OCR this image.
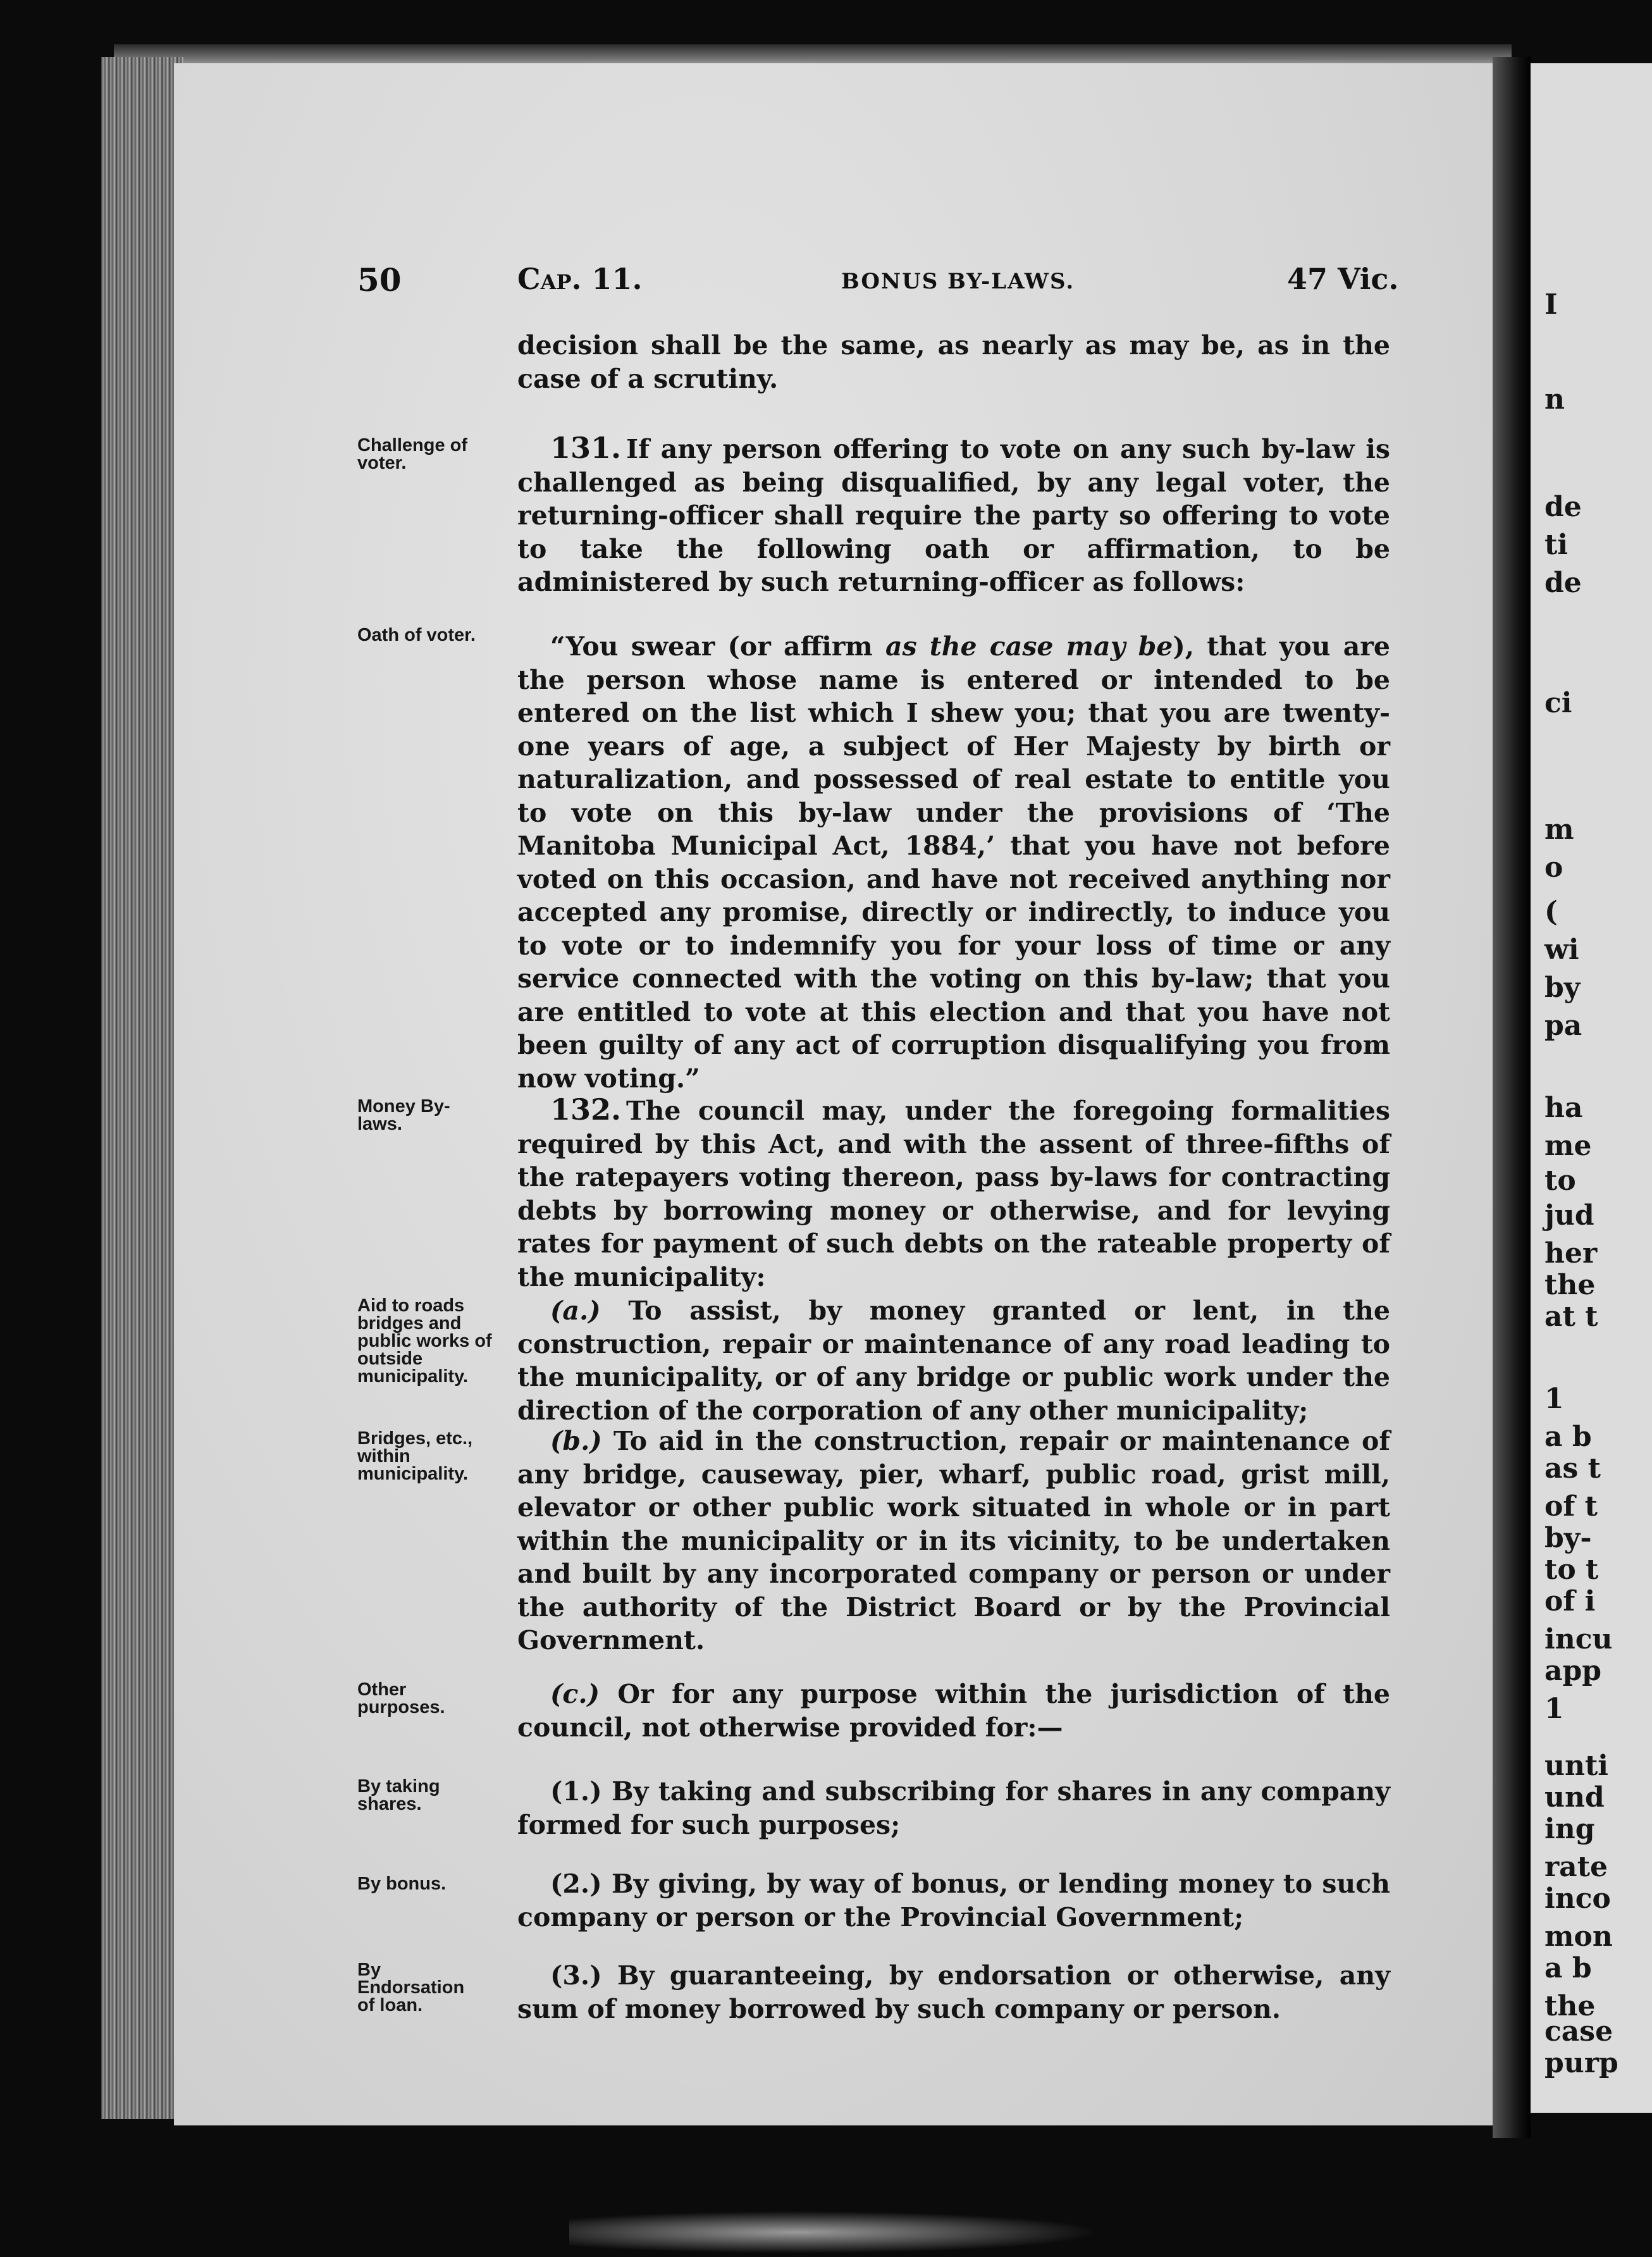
I
n
de
ti
de
ci
m
o
(
wi
by
pa
ha
me
to
jud
her
the
at t
1
a b
as t
of t
by-
to t
of i
incu
app
1
unti
und
ing
rate
inco
mon
a b
the
case
purp
50	Cap. 11.	BONUS BY-LAWS.	47 Vic.
decision shall be the same, as nearly as may be, as in the case of a scrutiny.
Challenge of voter.	131. If any person offering to vote on any such by-law is challenged as being disqualified, by any legal voter, the returning-officer shall require the party so offering to vote to take the following oath or affirmation, to be administered by such returning-officer as follows:
Oath of voter.	“You swear (or affirm as the case may be), that you are the person whose name is entered or intended to be entered on the list which I shew you; that you are twenty-one years of age, a subject of Her Majesty by birth or naturalization, and possessed of real estate to entitle you to vote on this by-law under the provisions of ‘The Manitoba Municipal Act, 1884,’ that you have not before voted on this occasion, and have not received anything nor accepted any promise, directly or indirectly, to induce you to vote or to indemnify you for your loss of time or any service connected with the voting on this by-law; that you are entitled to vote at this election and that you have not been guilty of any act of corruption disqualifying you from now voting.”
Money By-laws.	132. The council may, under the foregoing formalities required by this Act, and with the assent of three-fifths of the ratepayers voting thereon, pass by-laws for contracting debts by borrowing money or otherwise, and for levying rates for payment of such debts on the rateable property of the municipality:
Aid to roads bridges and public works of outside municipality.
(a.) To assist, by money granted or lent, in the construction, repair or maintenance of any road leading to the municipality, or of any bridge or public work under the direction of the corporation of any other municipality;
Bridges, etc., within municipality.
(b.) To aid in the construction, repair or maintenance of any bridge, causeway, pier, wharf, public road, grist mill, elevator or other public work situated in whole or in part within the municipality or in its vicinity, to be undertaken and built by any incorporated company or person or under the authority of the District Board or by the Provincial Government.
Other purposes.	(c.) Or for any purpose within the jurisdiction of the council, not otherwise provided for:—
By taking shares.	(1.) By taking and subscribing for shares in any company formed for such purposes;
By bonus.	(2.) By giving, by way of bonus, or lending money to such company or person or the Provincial Government;
By Endorsation of loan.
(3.) By guaranteeing, by endorsation or otherwise, any sum of money borrowed by such company or person.
